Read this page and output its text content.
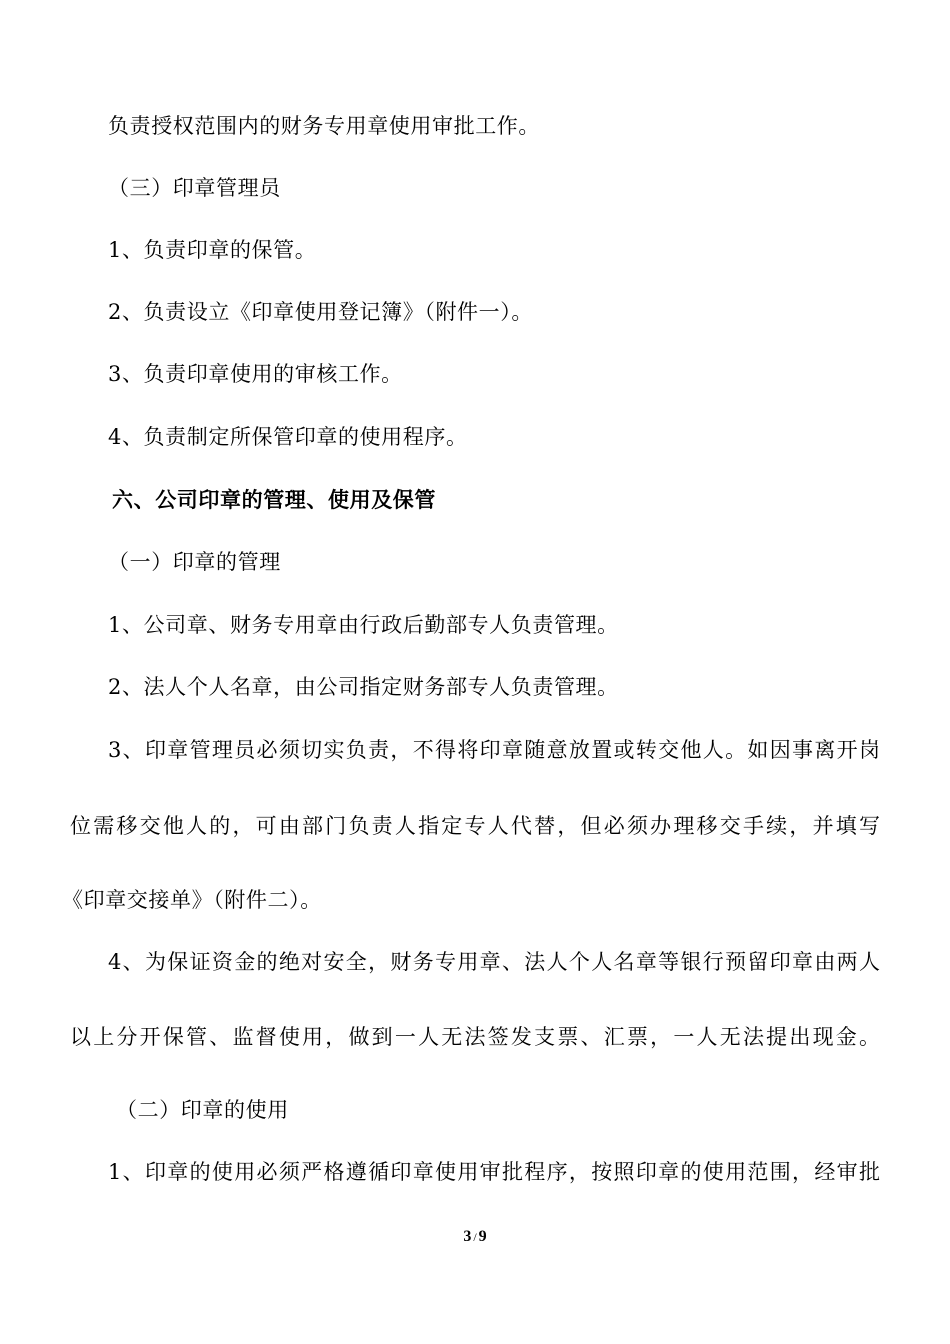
负责授权范围内的财务专用章使用审批工作。
（三）印章管理员
1、负责印章的保管。
2、负责设立《印章使用登记簿》（附件一）。
3、负责印章使用的审核工作。
4、负责制定所保管印章的使用程序。
六、公司印章的管理、使用及保管
（一）印章的管理
1、公司章、财务专用章由行政后勤部专人负责管理。
2、法人个人名章，由公司指定财务部专人负责管理。
3、印章管理员必须切实负责，不得将印章随意放置或转交他人。如因事离开岗
位需移交他人的，可由部门负责人指定专人代替，但必须办理移交手续，并填写
《印章交接单》（附件二）。
4、为保证资金的绝对安全，财务专用章、法人个人名章等银行预留印章由两人
以上分开保管、监督使用，做到一人无法签发支票、汇票，一人无法提出现金。
（二）印章的使用
1、印章的使用必须严格遵循印章使用审批程序，按照印章的使用范围，经审批
3 / 9
